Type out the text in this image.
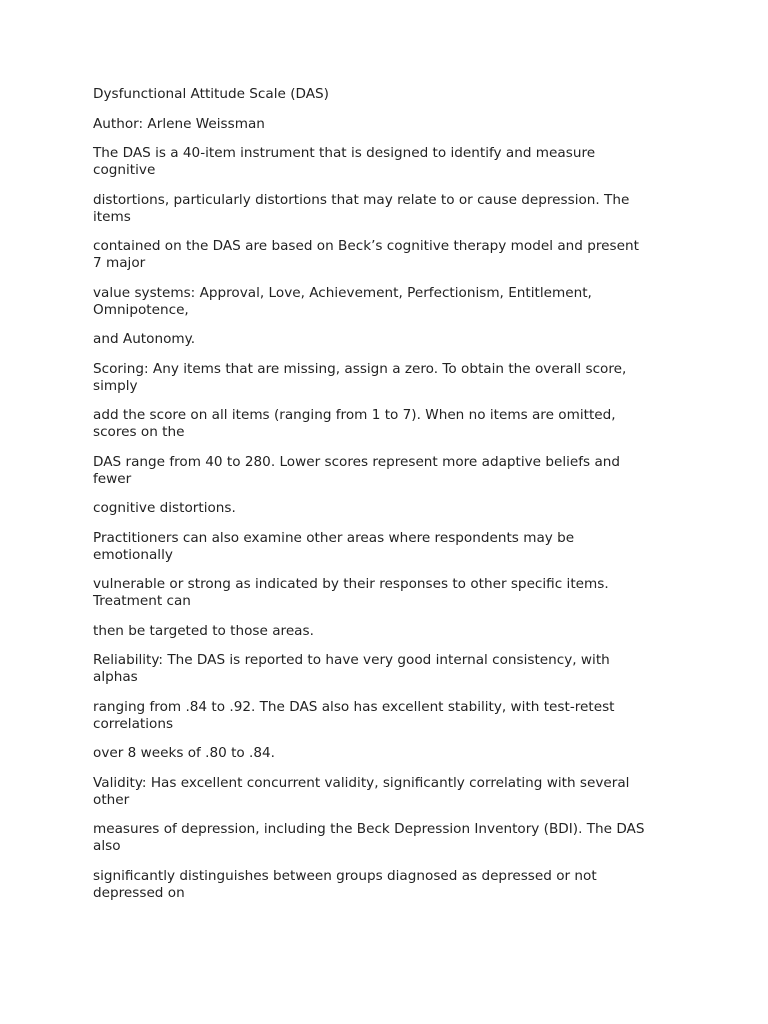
Dysfunctional Attitude Scale (DAS)

Author: Arlene Weissman

The DAS is a 40-item instrument that is designed to identify and measure
cognitive

distortions, particularly distortions that may relate to or cause depression. The
items

contained on the DAS are based on Beck’s cognitive therapy model and present
7 major

value systems: Approval, Love, Achievement, Perfectionism, Entitlement,
Omnipotence,

and Autonomy.

Scoring: Any items that are missing, assign a zero. To obtain the overall score,
simply

add the score on all items (ranging from 1 to 7). When no items are omitted,
scores on the

DAS range from 40 to 280. Lower scores represent more adaptive beliefs and
fewer

cognitive distortions.

Practitioners can also examine other areas where respondents may be
emotionally

vulnerable or strong as indicated by their responses to other specific items.
Treatment can

then be targeted to those areas.

Reliability: The DAS is reported to have very good internal consistency, with
alphas

ranging from .84 to .92. The DAS also has excellent stability, with test-retest
correlations

over 8 weeks of .80 to .84.

Validity: Has excellent concurrent validity, significantly correlating with several
other

measures of depression, including the Beck Depression Inventory (BDI). The DAS
also

significantly distinguishes between groups diagnosed as depressed or not
depressed on
